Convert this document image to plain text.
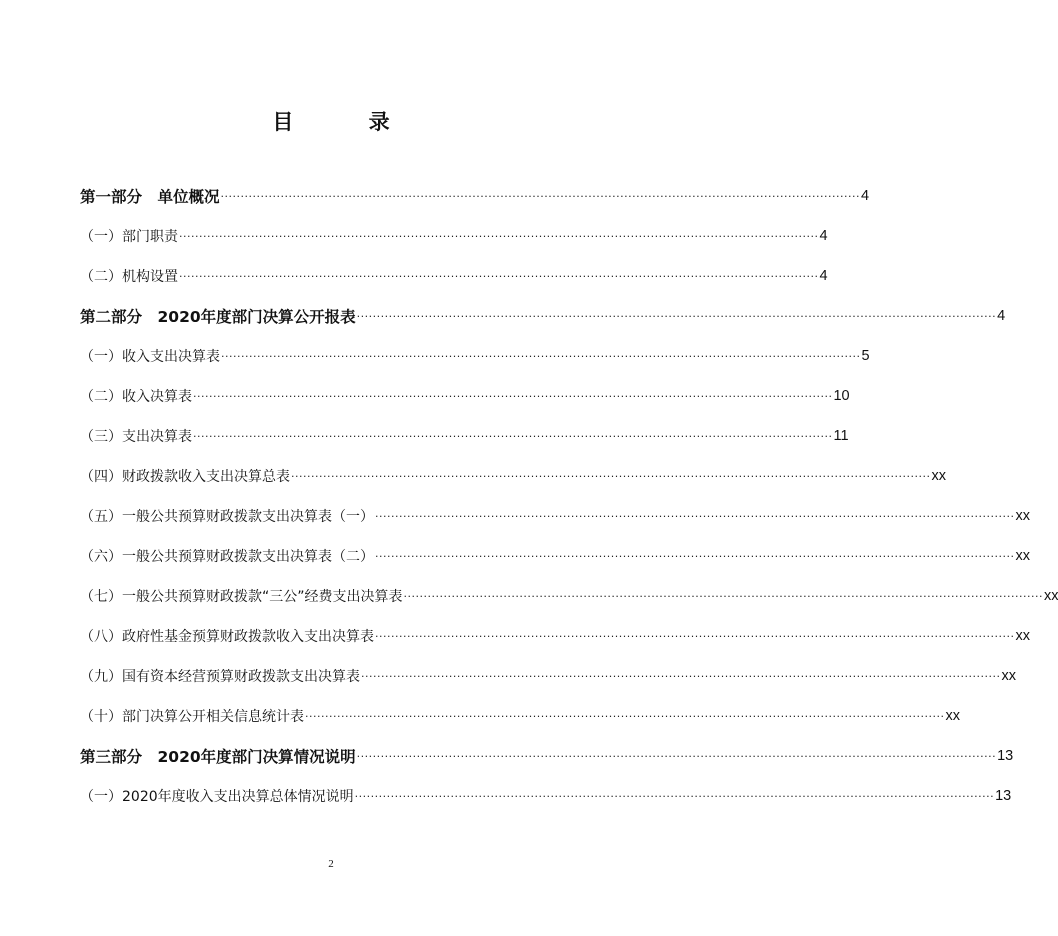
目 录
第一部分　单位概况 ································································································································································ 4
（一）部门职责 ································································································································································ 4
（二）机构设置 ································································································································································ 4
第二部分　2020年度部门决算公开报表 ································································································································································ 4
（一）收入支出决算表 ································································································································································ 5
（二）收入决算表 ································································································································································ 10
（三）支出决算表 ································································································································································ 11
（四）财政拨款收入支出决算总表 ································································································································································ xx
（五）一般公共预算财政拨款支出决算表（一） ································································································································································ xx
（六）一般公共预算财政拨款支出决算表（二） ································································································································································ xx
（七）一般公共预算财政拨款“三公”经费支出决算表 ································································································································································ xx
（八）政府性基金预算财政拨款收入支出决算表 ································································································································································ xx
（九）国有资本经营预算财政拨款支出决算表 ································································································································································ xx
（十）部门决算公开相关信息统计表 ································································································································································ xx
第三部分　2020年度部门决算情况说明 ································································································································································ 13
（一）2020年度收入支出决算总体情况说明 ································································································································································ 13
2
